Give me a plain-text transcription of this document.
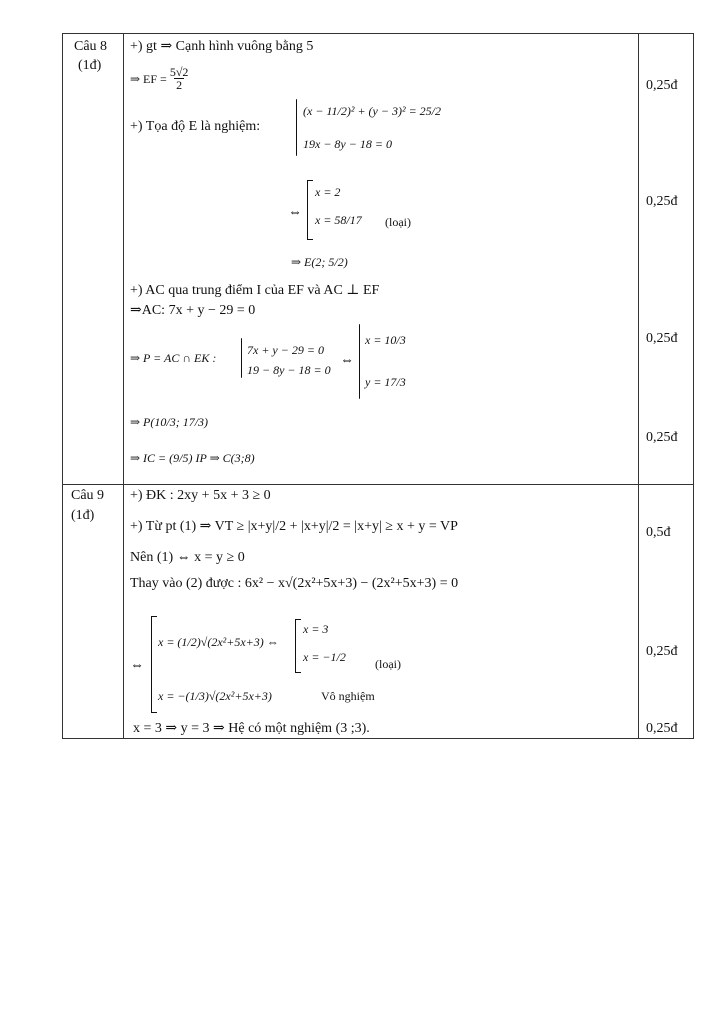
Câu 8
(1đ)
+) gt ⇒ Cạnh hình vuông bằng 5
⇒ EF = $\frac{5√2}{2}$
+) Tọa độ E là nghiệm:
(x − 11/2)² + (y − 3)² = 25/2
19x − 8y − 18 = 0
⇔
x = 2
x = 58/17 (loại)
⇒ E(2; 5/2)
+) AC qua trung điểm I của EF và AC ⊥ EF
⇒AC: 7x + y − 29 = 0
⇒ P = AC ∩ EK :
7x + y − 29 = 0
19 − 8y − 18 = 0
⇔
x = 10/3
y = 17/3
⇒ P(10/3; 17/3)
⇒ IC = (9/5) IP ⇒ C(3;8)
0,25đ
0,25đ
0,25đ
0,25đ
Câu 9
(1đ)
+) ĐK : 2xy + 5x + 3 ≥ 0
+) Từ pt (1) ⇒ VT ≥ |x+y|/2 + |x+y|/2 = |x+y| ≥ x + y = VP
Nên (1) ⇔ x = y ≥ 0
Thay vào (2) được : 6x² − x√(2x²+5x+3) − (2x²+5x+3) = 0
⇔
x = (1/2)√(2x²+5x+3) ⇔
x = 3
x = −1/2 (loại)
x = −(1/3)√(2x²+5x+3)	Vô nghiệm
x = 3 ⇒ y = 3 ⇒ Hệ có một nghiệm (3 ;3).
0,5đ
0,25đ
0,25đ
